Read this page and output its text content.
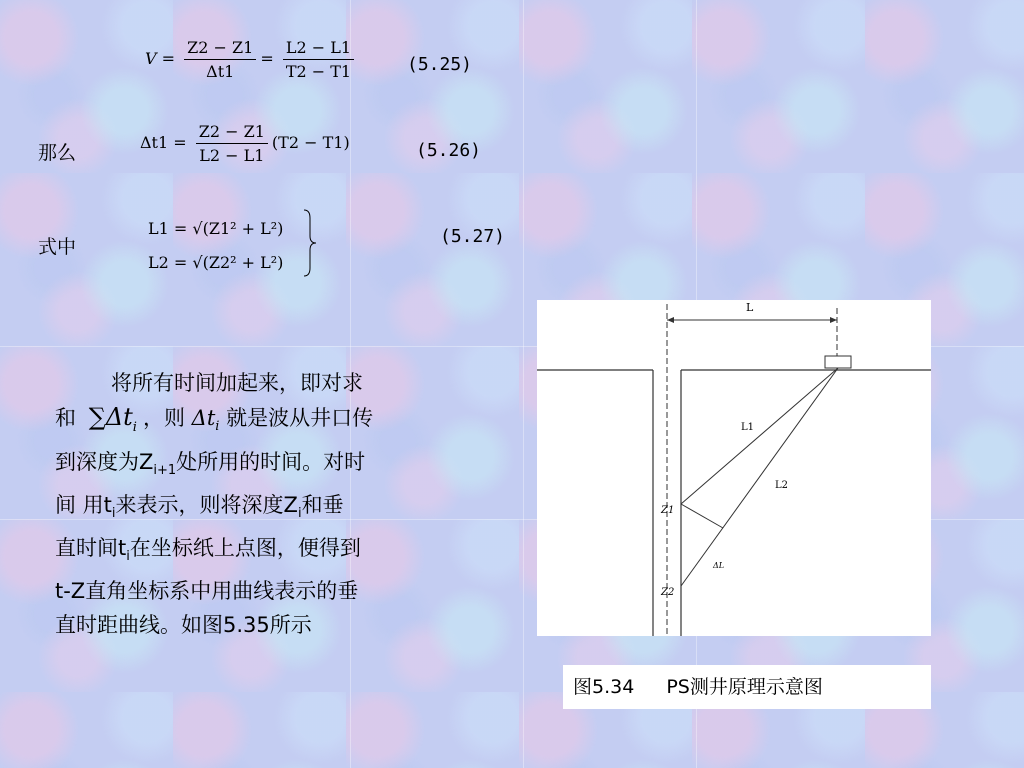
$V = \frac{Z2 - Z1}{\Delta t1} = \frac{L2 - L1}{T2 - T1}$	(5.25)
那么	$\Delta t1 = \frac{Z2 - Z1}{L2 - L1} (T2 - T1)$	(5.26)
式中
L1 = √(Z1² + L²)
L2 = √(Z2² + L²)
(5.27)
将所有时间加起来，即对求
和 $\sum\Delta t_i$ ，则 $\Delta t_i$ 就是波从井口传
到深度为$Z_{i+1}$处所用的时间。对时
间 用$t_i$来表示，则将深度$Z_i$和垂
直时间$t_i$在坐标纸上点图，便得到
t-Z直角坐标系中用曲线表示的垂
直时距曲线。如图5.35所示
L
L1
L2
ΔL
Z1
Z2
图5.34 PS测井原理示意图
